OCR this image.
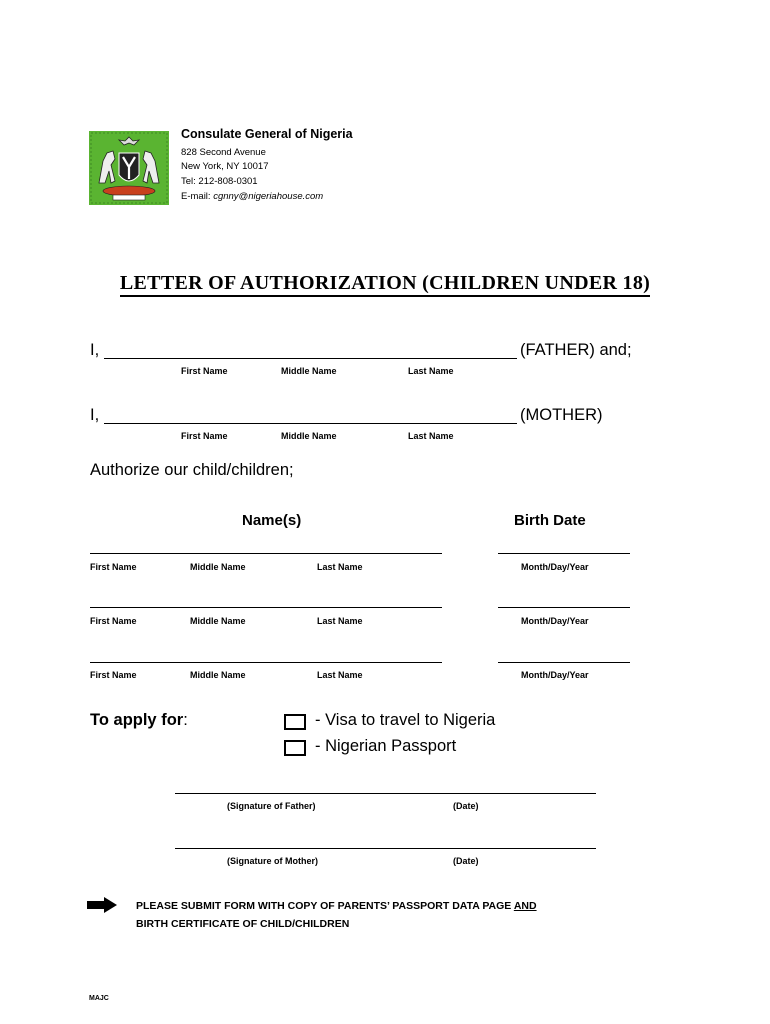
Consulate General of Nigeria
828 Second Avenue
New York, NY 10017
Tel: 212-808-0301
E-mail: cgnny@nigeriahouse.com
LETTER OF AUTHORIZATION (CHILDREN UNDER 18)
I,	(FATHER) and;
First Name	Middle Name	Last Name
I,	(MOTHER)
First Name	Middle Name	Last Name
Authorize our child/children;
Name(s)	Birth Date
First Name	Middle Name	Last Name	Month/Day/Year
First Name	Middle Name	Last Name	Month/Day/Year
First Name	Middle Name	Last Name	Month/Day/Year
To apply for:	- Visa to travel to Nigeria
- Nigerian Passport
(Signature of Father)	(Date)
(Signature of Mother)	(Date)
PLEASE SUBMIT FORM WITH COPY OF PARENTS’ PASSPORT DATA PAGE AND
BIRTH CERTIFICATE OF CHILD/CHILDREN
MAJC
